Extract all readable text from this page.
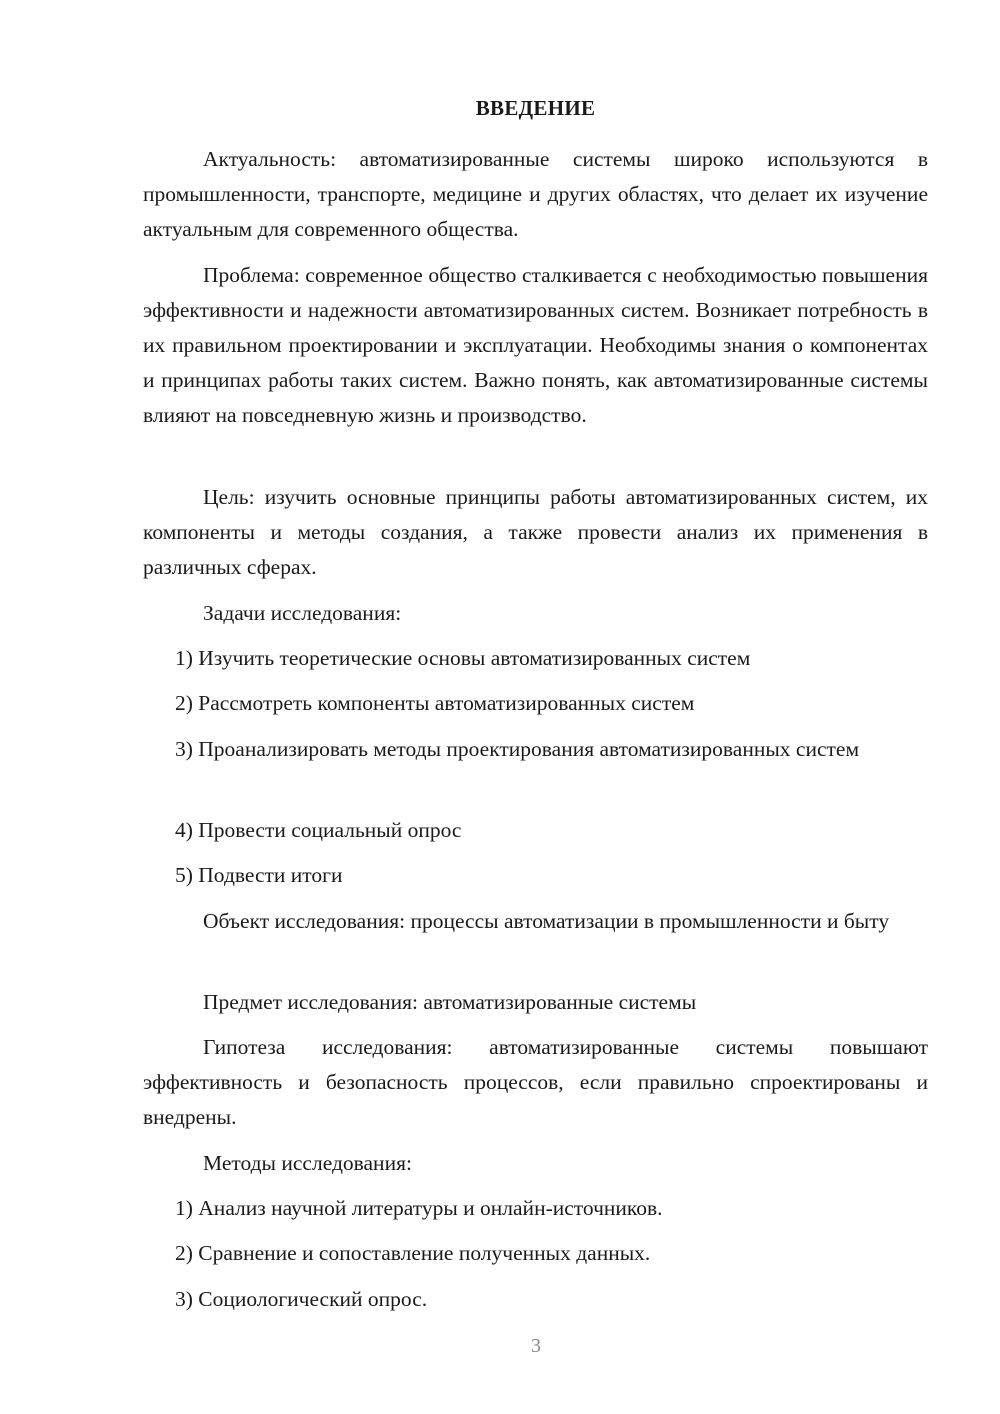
ВВЕДЕНИЕ

Актуальность: автоматизированные системы широко используются в промышленности, транспорте, медицине и других областях, что делает их изучение актуальным для современного общества.

Проблема: современное общество сталкивается с необходимостью повышения эффективности и надежности автоматизированных систем. Возникает потребность в их правильном проектировании и эксплуатации. Необходимы знания о компонентах и принципах работы таких систем. Важно понять, как автоматизированные системы влияют на повседневную жизнь и производство.

Цель: изучить основные принципы работы автоматизированных систем, их компоненты и методы создания, а также провести анализ их применения в различных сферах.

Задачи исследования:

1) Изучить теоретические основы автоматизированных систем

2) Рассмотреть компоненты автоматизированных систем

3) Проанализировать методы проектирования автоматизированных систем

4) Провести социальный опрос

5) Подвести итоги

Объект исследования: процессы автоматизации в промышленности и быту

Предмет исследования: автоматизированные системы

Гипотеза исследования: автоматизированные системы повышают эффективность и безопасность процессов, если правильно спроектированы и внедрены.

Методы исследования:

1) Анализ научной литературы и онлайн-источников.

2) Сравнение и сопоставление полученных данных.

3) Социологический опрос.

3
